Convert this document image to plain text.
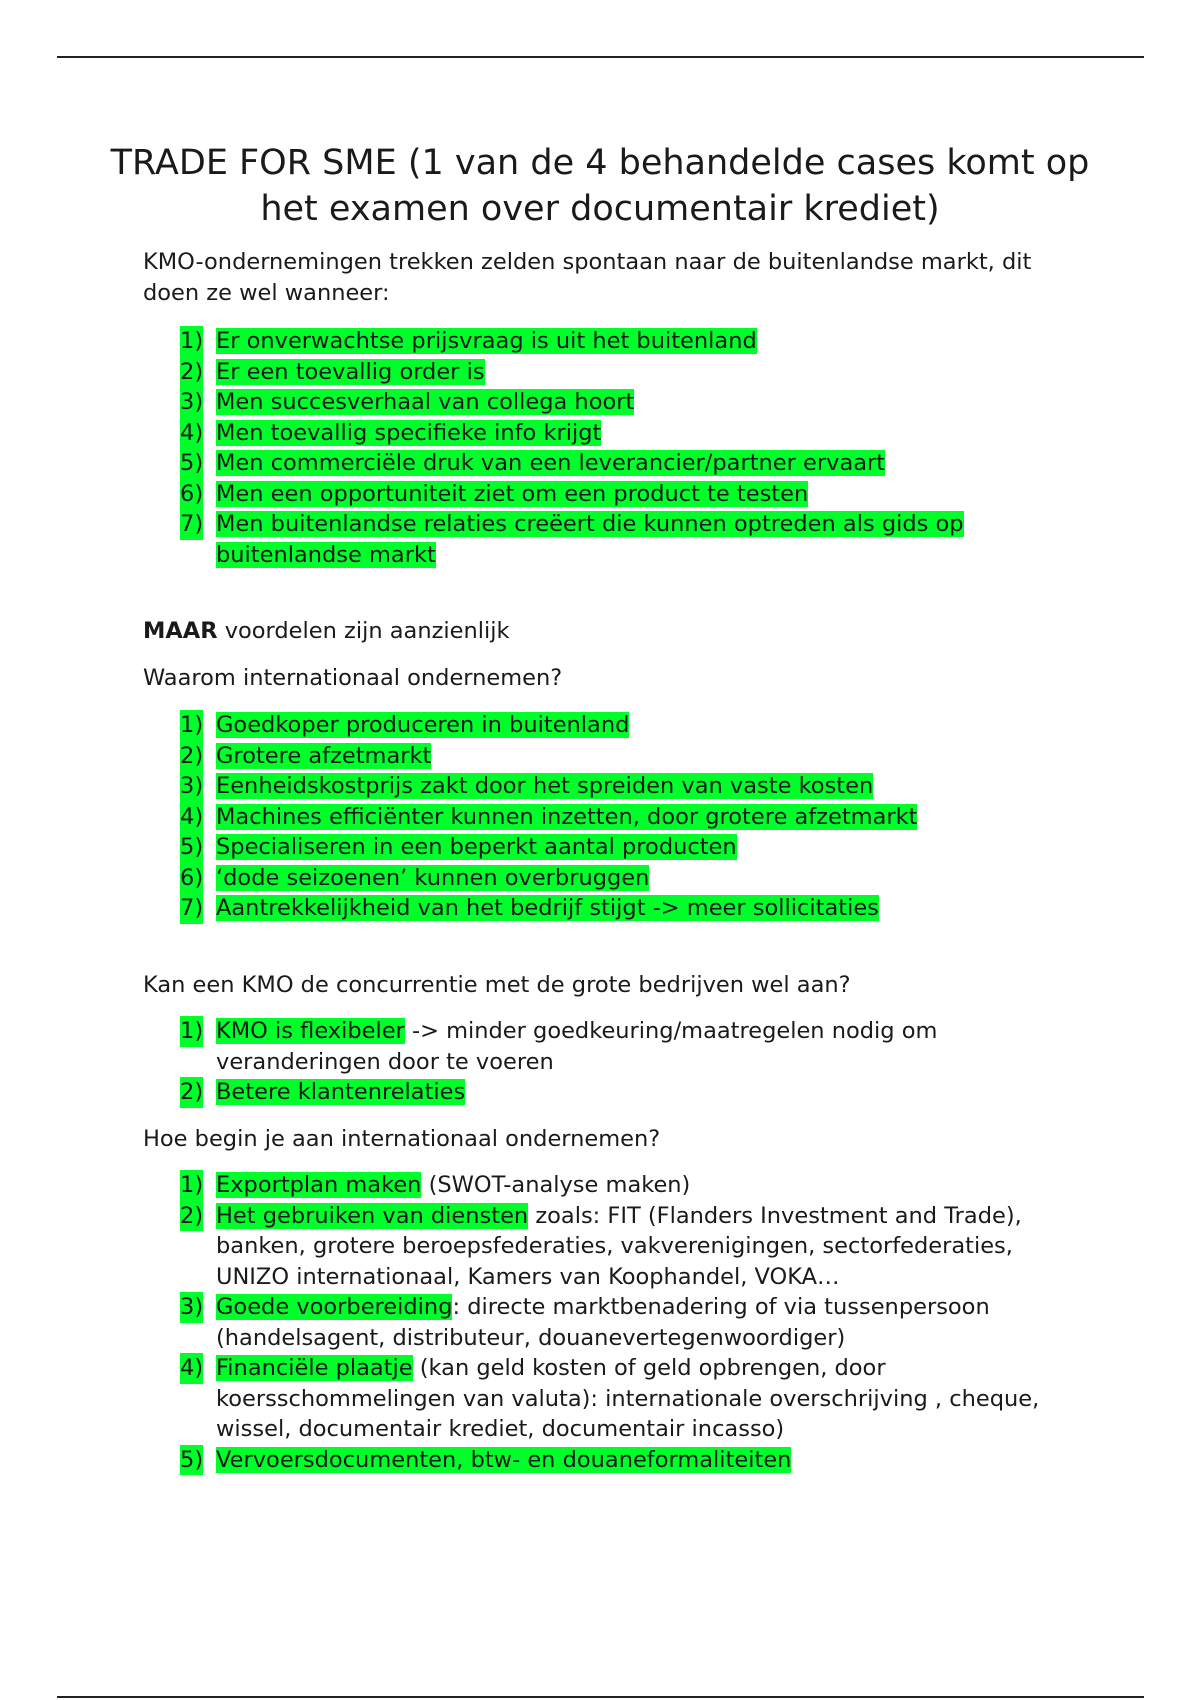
TRADE FOR SME (1 van de 4 behandelde cases komt op het examen over documentair krediet)

KMO-ondernemingen trekken zelden spontaan naar de buitenlandse markt, dit doen ze wel wanneer:

1) Er onverwachtse prijsvraag is uit het buitenland
2) Er een toevallig order is
3) Men succesverhaal van collega hoort
4) Men toevallig specifieke info krijgt
5) Men commerciële druk van een leverancier/partner ervaart
6) Men een opportuniteit ziet om een product te testen
7) Men buitenlandse relaties creëert die kunnen optreden als gids op buitenlandse markt

MAAR voordelen zijn aanzienlijk

Waarom internationaal ondernemen?

1) Goedkoper produceren in buitenland
2) Grotere afzetmarkt
3) Eenheidskostprijs zakt door het spreiden van vaste kosten
4) Machines efficiënter kunnen inzetten, door grotere afzetmarkt
5) Specialiseren in een beperkt aantal producten
6) ‘dode seizoenen’ kunnen overbruggen
7) Aantrekkelijkheid van het bedrijf stijgt -> meer sollicitaties

Kan een KMO de concurrentie met de grote bedrijven wel aan?

1) KMO is flexibeler -> minder goedkeuring/maatregelen nodig om veranderingen door te voeren
2) Betere klantenrelaties

Hoe begin je aan internationaal ondernemen?

1) Exportplan maken (SWOT-analyse maken)
2) Het gebruiken van diensten zoals: FIT (Flanders Investment and Trade), banken, grotere beroepsfederaties, vakverenigingen, sectorfederaties, UNIZO internationaal, Kamers van Koophandel, VOKA…
3) Goede voorbereiding: directe marktbenadering of via tussenpersoon (handelsagent, distributeur, douanevertegenwoordiger)
4) Financiële plaatje (kan geld kosten of geld opbrengen, door koersschommelingen van valuta): internationale overschrijving , cheque, wissel, documentair krediet, documentair incasso)
5) Vervoersdocumenten, btw- en douaneformaliteiten
